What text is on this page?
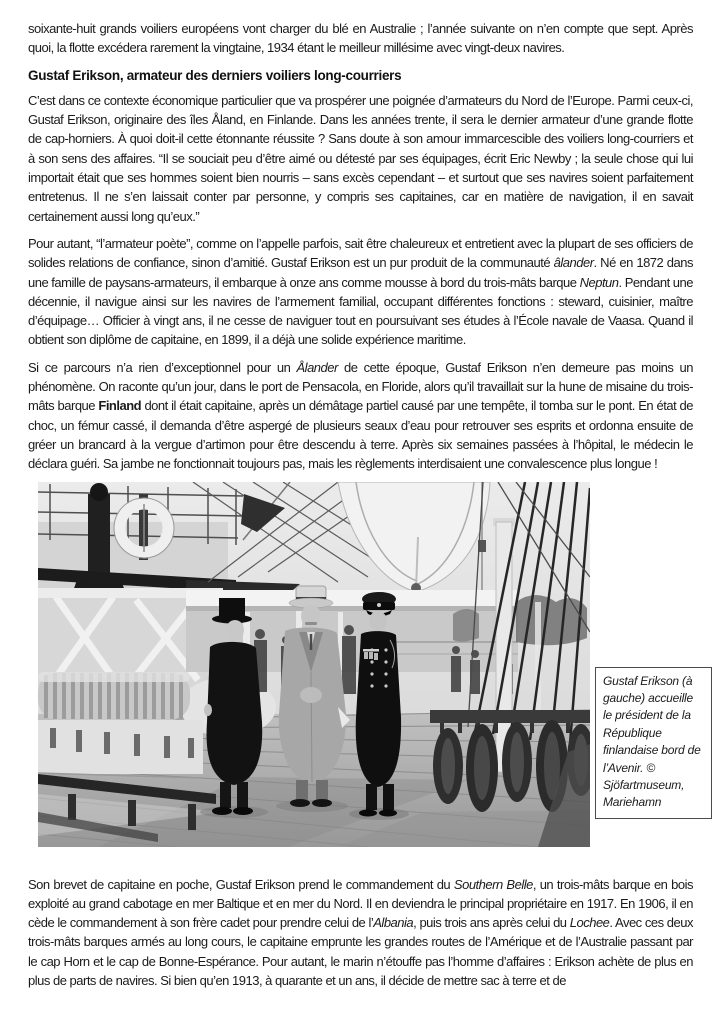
soixante-huit grands voiliers européens vont charger du blé en Australie ; l’année suivante on n’en compte que sept. Après quoi, la flotte excédera rarement la vingtaine, 1934 étant le meilleur millésime avec vingt-deux navires.

Gustaf Erikson, armateur des derniers voiliers long-courriers

C’est dans ce contexte économique particulier que va prospérer une poignée d’armateurs du Nord de l’Europe. Parmi ceux-ci, Gustaf Erikson, originaire des îles Åland, en Finlande. Dans les années trente, il sera le dernier armateur d’une grande flotte de cap-horniers. À quoi doit-il cette étonnante réussite ? Sans doute à son amour immarcescible des voiliers long-courriers et à son sens des affaires. “Il se souciait peu d’être aimé ou détesté par ses équipages, écrit Eric Newby ; la seule chose qui lui importait était que ses hommes soient bien nourris – sans excès cependant – et surtout que ses navires soient parfaitement entretenus. Il ne s’en laissait conter par personne, y compris ses capitaines, car en matière de navigation, il en savait certainement aussi long qu’eux.”

Pour autant, “l’armateur poète”, comme on l’appelle parfois, sait être chaleureux et entretient avec la plupart de ses officiers de solides relations de confiance, sinon d’amitié. Gustaf Erikson est un pur produit de la communauté âlander. Né en 1872 dans une famille de paysans-armateurs, il embarque à onze ans comme mousse à bord du trois-mâts barque Neptun. Pendant une décennie, il navigue ainsi sur les navires de l’armement familial, occupant différentes fonctions : steward, cuisinier, maître d’équipage… Officier à vingt ans, il ne cesse de naviguer tout en poursuivant ses études à l’École navale de Vaasa. Quand il obtient son diplôme de capitaine, en 1899, il a déjà une solide expérience maritime.

Si ce parcours n’a rien d’exceptionnel pour un Ålander de cette époque, Gustaf Erikson n’en demeure pas moins un phénomène. On raconte qu’un jour, dans le port de Pensacola, en Floride, alors qu’il travaillait sur la hune de misaine du trois-mâts barque Finland dont il était capitaine, après un démâtage partiel causé par une tempête, il tomba sur le pont. En état de choc, un fémur cassé, il demanda d’être aspergé de plusieurs seaux d’eau pour retrouver ses esprits et ordonna ensuite de gréer un brancard à la vergue d’artimon pour être descendu à terre. Après six semaines passées à l’hôpital, le médecin le déclara guéri. Sa jambe ne fonctionnait toujours pas, mais les règlements interdisaient une convalescence plus longue !

Gustaf Erikson (à gauche) accueille le président de la République finlandaise bord de l’Avenir. © Sjöfartmuseum, Mariehamn

Son brevet de capitaine en poche, Gustaf Erikson prend le commandement du Southern Belle, un trois-mâts barque en bois exploité au grand cabotage en mer Baltique et en mer du Nord. Il en deviendra le principal propriétaire en 1917. En 1906, il en cède le commandement à son frère cadet pour prendre celui de l’Albania, puis trois ans après celui du Lochee. Avec ces deux trois-mâts barques armés au long cours, le capitaine emprunte les grandes routes de l’Amérique et de l’Australie passant par le cap Horn et le cap de Bonne-Espérance. Pour autant, le marin n’étouffe pas l’homme d’affaires : Erikson achète de plus en plus de parts de navires. Si bien qu’en 1913, à quarante et un ans, il décide de mettre sac à terre et de
